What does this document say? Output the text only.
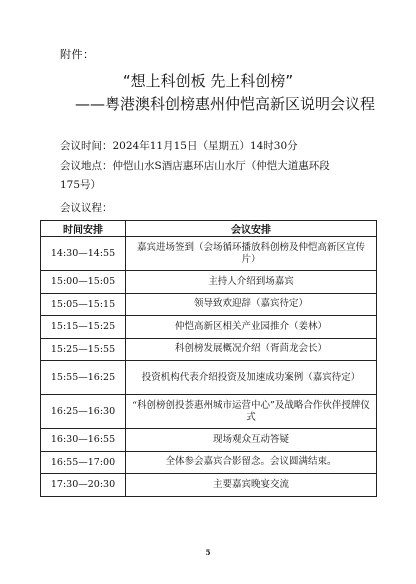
附件：
“想上科创板 先上科创榜”
——粤港澳科创榜惠州仲恺高新区说明会议程
会议时间：2024年11月15日（星期五）14时30分
会议地点：仲恺山水S酒店惠环店山水厅（仲恺大道惠环段
175号）
会议议程：
时间安排	会议安排
14:30—14:55	嘉宾进场签到（会场循环播放科创榜及仲恺高新区宣传片）
15:00—15:05	主持人介绍到场嘉宾
15:05—15:15	领导致欢迎辞（嘉宾待定）
15:15—15:25	仲恺高新区相关产业园推介（姜林）
15:25—15:55	科创榜发展概况介绍（胥茴龙会长）
15:55—16:25	投资机构代表介绍投资及加速成功案例（嘉宾待定）
16:25—16:30	“科创榜创投荟惠州城市运营中心”及战略合作伙伴授牌仪式
16:30—16:55	现场观众互动答疑
16:55—17:00	全体参会嘉宾合影留念。会议圆满结束。
17:30—20:30	主要嘉宾晚宴交流
5
